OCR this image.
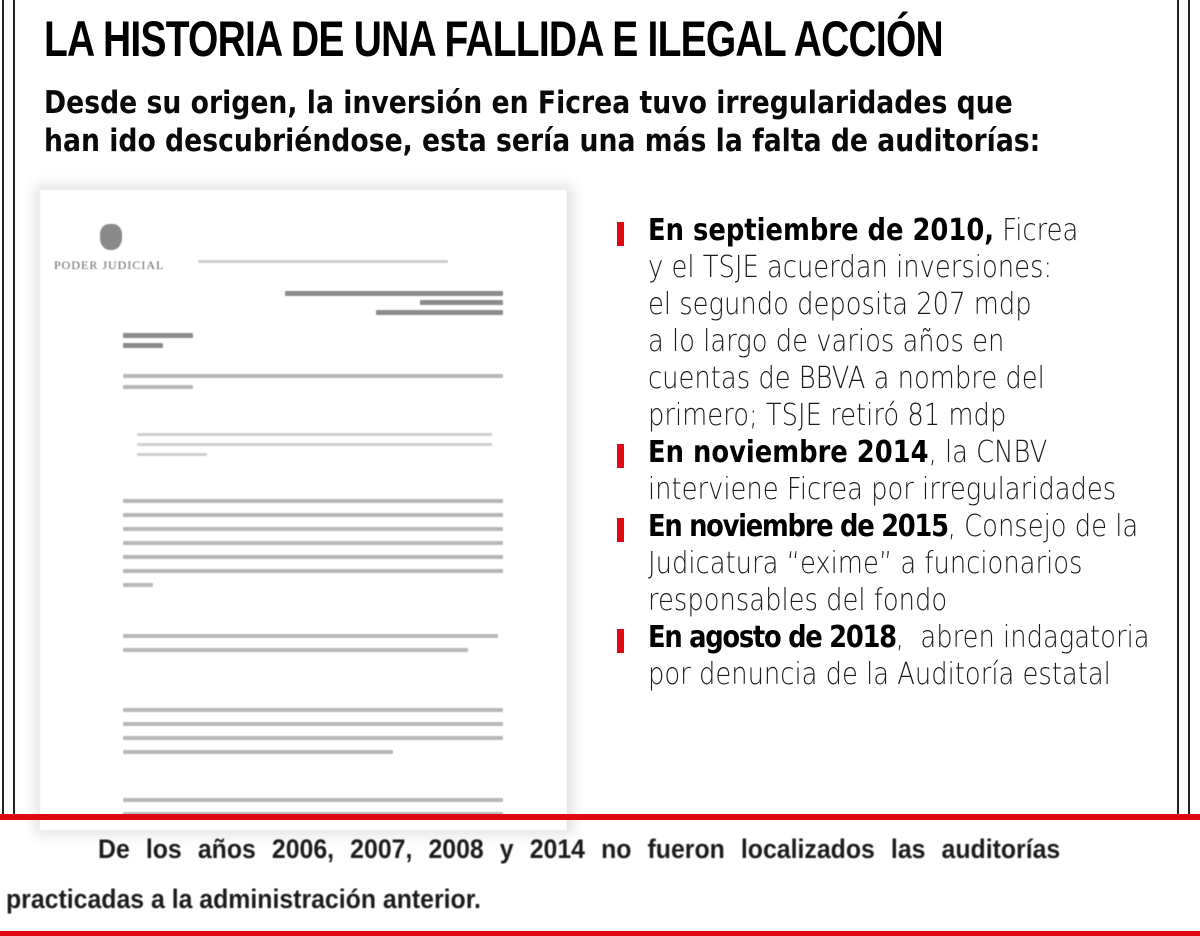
LA HISTORIA DE UNA FALLIDA E ILEGAL ACCIÓN
Desde su origen, la inversión en Ficrea tuvo irregularidades que
han ido descubriéndose, esta sería una más la falta de auditorías:
PODER JUDICIAL
En septiembre de 2010, Ficrea
y el TSJE acuerdan inversiones:
el segundo deposita 207 mdp
a lo largo de varios años en
cuentas de BBVA a nombre del
primero; TSJE retiró 81 mdp
En noviembre 2014, la CNBV
interviene Ficrea por irregularidades
En noviembre de 2015, Consejo de la
Judicatura “exime” a funcionarios
responsables del fondo
En agosto de 2018,  abren indagatoria
por denuncia de la Auditoría estatal
De los años 2006, 2007, 2008 y 2014 no fueron localizados las auditorías
practicadas a la administración anterior.
